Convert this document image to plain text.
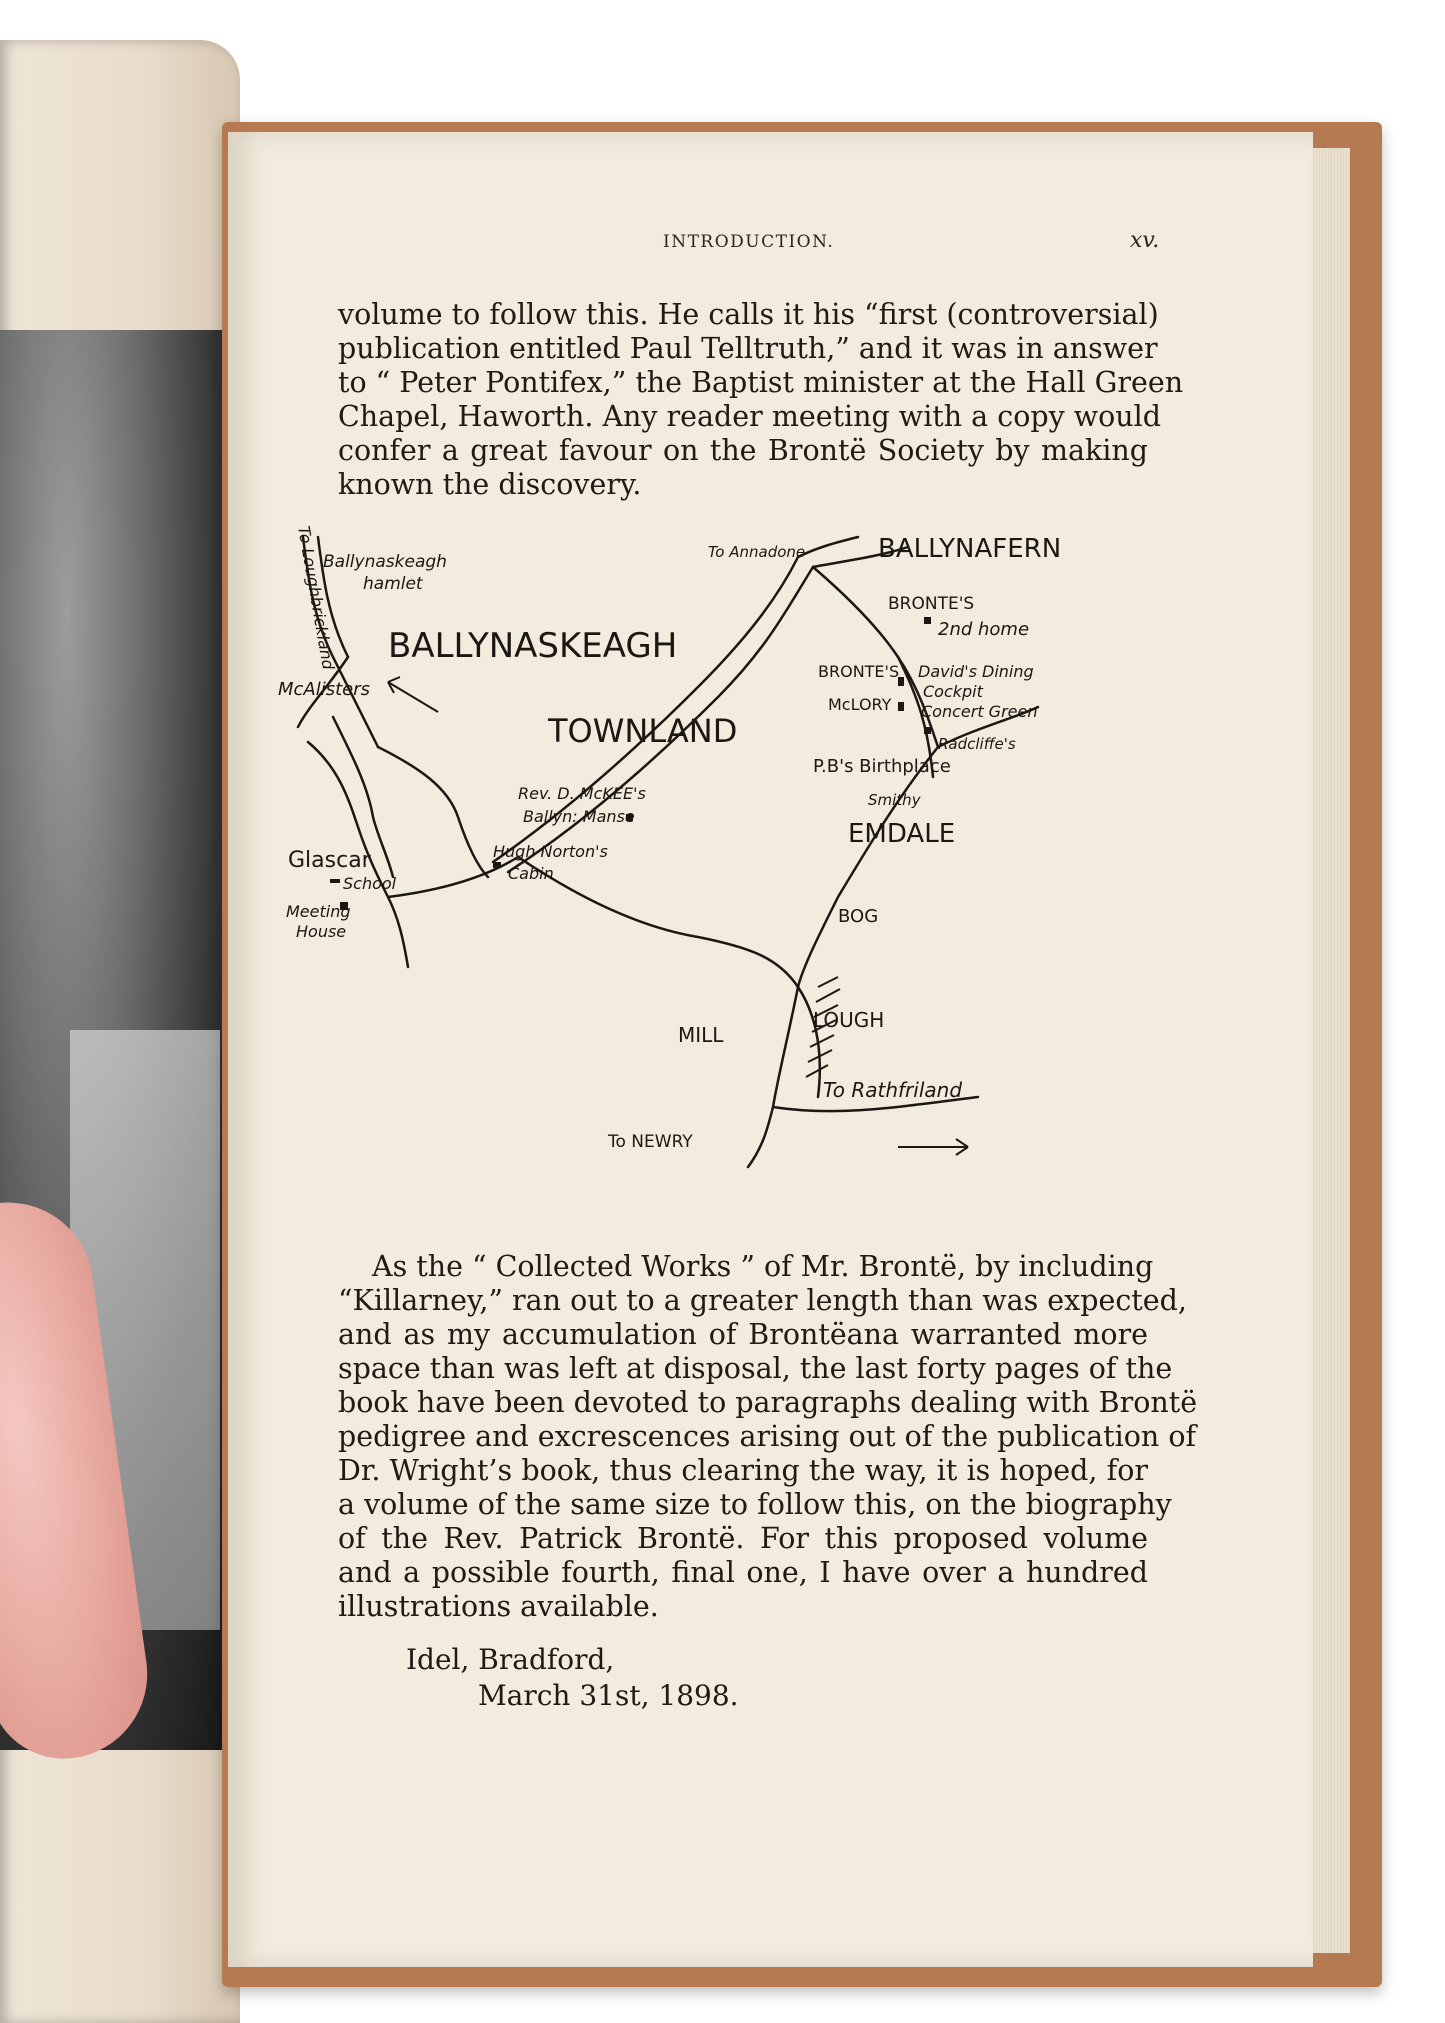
INTRODUCTION.	xv.
volume to follow this. He calls it his “first (controversial)
publication entitled Paul Telltruth,” and it was in answer
to “ Peter Pontifex,” the Baptist minister at the Hall Green
Chapel, Haworth. Any reader meeting with a copy would
confer a great favour on the Brontë Society by making
known the discovery.
To Annadone	BALLYNAFERN
To Loughbrickland
Ballynaskeagh
hamlet
BALLYNASKEAGH
TOWNLAND
McAlisters
BRONTE'S
2nd home
BRONTE'S
McLORY
David's Dining
Cockpit
Concert Green
Radcliffe's
P.B's Birthplace
Smithy
EMDALE
Rev. D. McKEE's
Ballyn: Manse
Glascar
School
Meeting
House
Hugh Norton's
Cabin
BOG
MILL
LOUGH
To Rathfriland
To NEWRY
As the “ Collected Works ” of Mr. Brontë, by including
“Killarney,” ran out to a greater length than was expected,
and as my accumulation of Brontëana warranted more
space than was left at disposal, the last forty pages of the
book have been devoted to paragraphs dealing with Brontë
pedigree and excrescences arising out of the publication of
Dr. Wright’s book, thus clearing the way, it is hoped, for
a volume of the same size to follow this, on the biography
of the Rev. Patrick Brontë. For this proposed volume
and a possible fourth, final one, I have over a hundred
illustrations available.
Idel, Bradford,
March 31st, 1898.
